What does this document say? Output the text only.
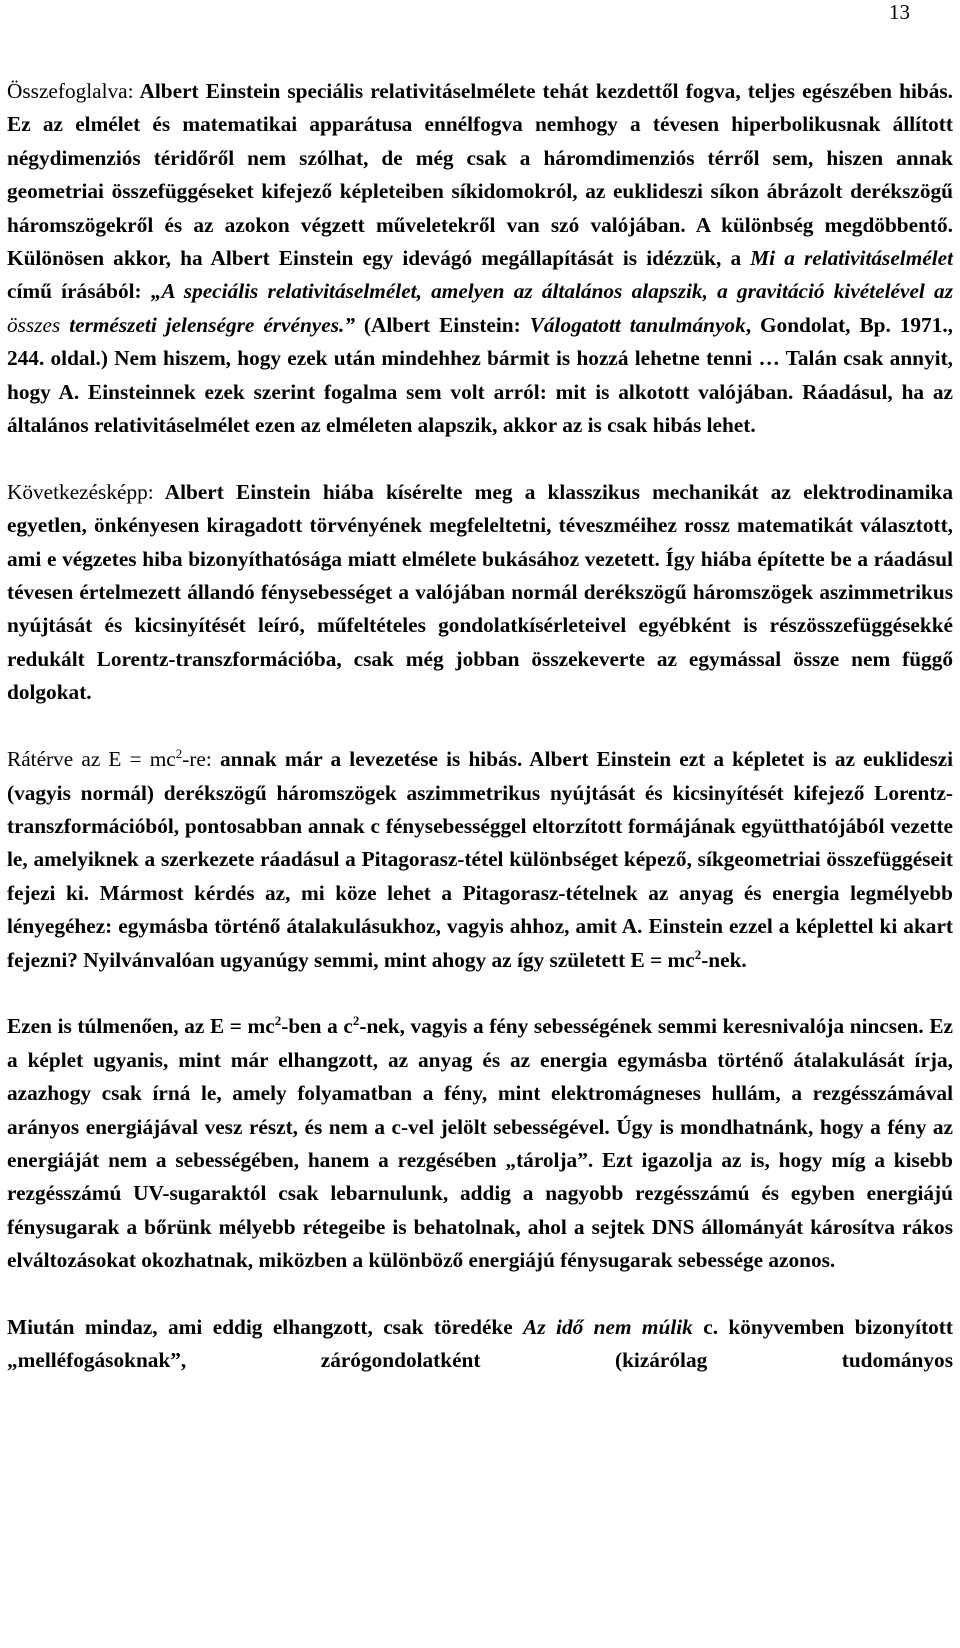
13

Összefoglalva: Albert Einstein speciális relativitáselmélete tehát kezdettől fogva, teljes egészében hibás. Ez az elmélet és matematikai apparátusa ennélfogva nemhogy a tévesen hiperbolikusnak állított négydimenziós téridőről nem szólhat, de még csak a háromdimenziós térről sem, hiszen annak geometriai összefüggéseket kifejező képleteiben síkidomokról, az euklideszi síkon ábrázolt derékszögű háromszögekről és az azokon végzett műveletekről van szó valójában. A különbség megdöbbentő. Különösen akkor, ha Albert Einstein egy idevágó megállapítását is idézzük, a Mi a relativitáselmélet című írásából: „A speciális relativitáselmélet, amelyen az általános alapszik, a gravitáció kivételével az összes természeti jelenségre érvényes.” (Albert Einstein: Válogatott tanulmányok, Gondolat, Bp. 1971., 244. oldal.) Nem hiszem, hogy ezek után mindehhez bármit is hozzá lehetne tenni … Talán csak annyit, hogy A. Einsteinnek ezek szerint fogalma sem volt arról: mit is alkotott valójában. Ráadásul, ha az általános relativitáselmélet ezen az elméleten alapszik, akkor az is csak hibás lehet.

Következésképp: Albert Einstein hiába kísérelte meg a klasszikus mechanikát az elektrodinamika egyetlen, önkényesen kiragadott törvényének megfeleltetni, téveszméihez rossz matematikát választott, ami e végzetes hiba bizonyíthatósága miatt elmélete bukásához vezetett. Így hiába építette be a ráadásul tévesen értelmezett állandó fénysebességet a valójában normál derékszögű háromszögek aszimmetrikus nyújtását és kicsinyítését leíró, műfeltételes gondolatkísérleteivel egyébként is részösszefüggésekké redukált Lorentz-transzformációba, csak még jobban összekeverte az egymással össze nem függő dolgokat.

Rátérve az $E = mc^2-re$: annak már a levezetése is hibás. Albert Einstein ezt a képletet is az euklideszi (vagyis normál) derékszögű háromszögek aszimmetrikus nyújtását és kicsinyítését kifejező Lorentz-transzformációból, pontosabban annak c fénysebességgel eltorzított formájának együtthatójából vezette le, amelyiknek a szerkezete ráadásul a Pitagorasz-tétel különbséget képező, síkgeometriai összefüggéseit fejezi ki. Mármost kérdés az, mi köze lehet a Pitagorasz-tételnek az anyag és energia legmélyebb lényegéhez: egymásba történő átalakulásukhoz, vagyis ahhoz, amit A. Einstein ezzel a képlettel ki akart fejezni? Nyilvánvalóan ugyanúgy semmi, mint ahogy az így született $E = mc^2$-nek.

Ezen is túlmenően, az $E = mc^2$-ben a $c^2$-nek, vagyis a fény sebességének semmi keresnivalója nincsen. Ez a képlet ugyanis, mint már elhangzott, az anyag és az energia egymásba történő átalakulását írja, azazhogy csak írná le, amely folyamatban a fény, mint elektromágneses hullám, a rezgésszámával arányos energiájával vesz részt, és nem a c-vel jelölt sebességével. Úgy is mondhatnánk, hogy a fény az energiáját nem a sebességében, hanem a rezgésében „tárolja”. Ezt igazolja az is, hogy míg a kisebb rezgésszámú UV-sugaraktól csak lebarnulunk, addig a nagyobb rezgésszámú és egyben energiájú fénysugarak a bőrünk mélyebb rétegeibe is behatolnak, ahol a sejtek DNS állományát károsítva rákos elváltozásokat okozhatnak, miközben a különböző energiájú fénysugarak sebessége azonos.

Miután mindaz, ami eddig elhangzott, csak töredéke Az idő nem múlik c. könyvemben bizonyított „melléfogásoknak”, zárógondolatként (kizárólag tudományos
